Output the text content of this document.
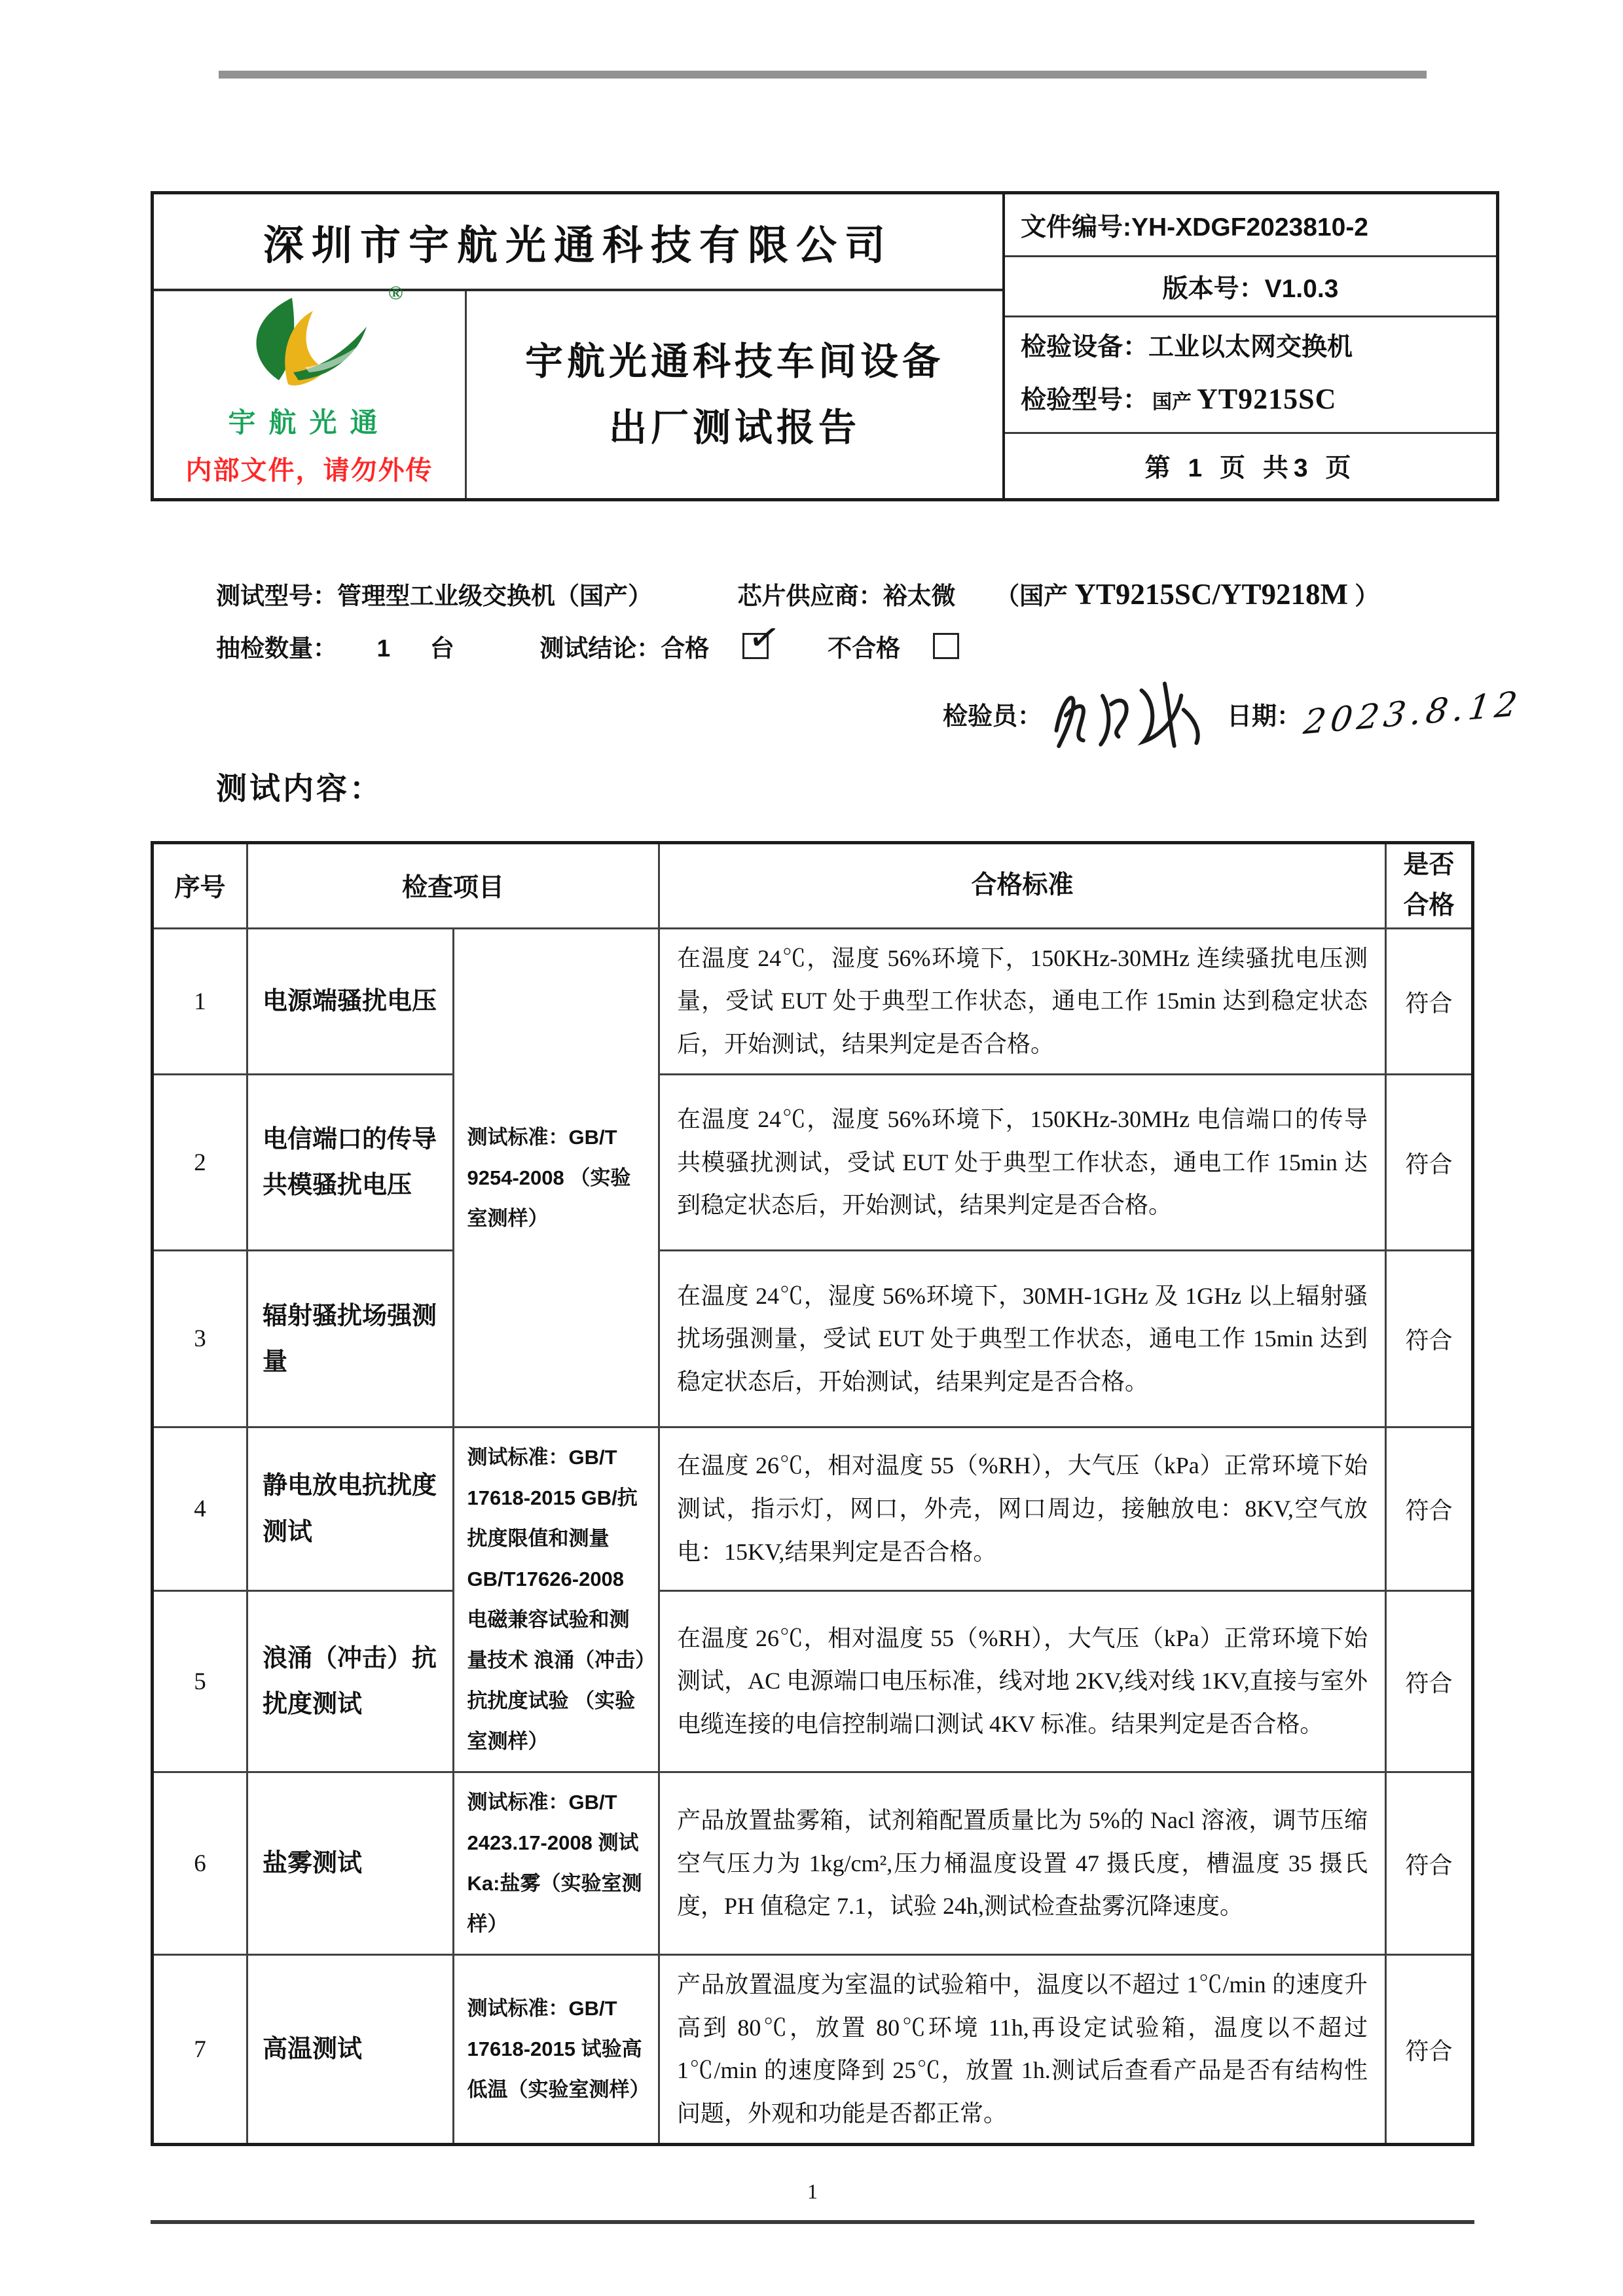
深圳市宇航光通科技有限公司
®
宇航光通
内部文件，请勿外传
宇航光通科技车间设备
出厂测试报告
文件编号:YH-XDGF2023810-2
版本号：V1.0.3
检验设备：工业以太网交换机
检验型号： 国产 YT9215SC
第 1 页 共3 页
测试型号：管理型工业级交换机（国产）	芯片供应商：裕太微 （国产 YT9215SC/YT9218M ）
抽检数量： 1 台	测试结论：合格 ✓ 不合格
检验员：	日期： 2023.8.12
测试内容：
序号	检查项目		合格标准	是否
合格
1	电源端骚扰电压	测试标准：GB/T 9254-2008 （实验室测样）	在温度 24℃，湿度 56%环境下，150KHz-30MHz 连续骚扰电压测量，受试 EUT 处于典型工作状态，通电工作 15min 达到稳定状态后，开始测试，结果判定是否合格。	符合
2	电信端口的传导共模骚扰电压		在温度 24℃，湿度 56%环境下，150KHz-30MHz 电信端口的传导共模骚扰测试，受试 EUT 处于典型工作状态，通电工作 15min 达到稳定状态后，开始测试，结果判定是否合格。	符合
3	辐射骚扰场强测量		在温度 24℃，湿度 56%环境下，30MH-1GHz 及 1GHz 以上辐射骚扰场强测量，受试 EUT 处于典型工作状态，通电工作 15min 达到稳定状态后，开始测试，结果判定是否合格。	符合
4	静电放电抗扰度测试	测试标准：GB/T 17618-2015 GB/抗扰度限值和测量 GB/T17626-2008 电磁兼容试验和测量技术 浪涌（冲击）抗扰度试验 （实验室测样）	在温度 26℃，相对温度 55（%RH），大气压（kPa）正常环境下始测试，指示灯，网口，外壳，网口周边，接触放电：8KV,空气放电：15KV,结果判定是否合格。	符合
5	浪涌（冲击）抗扰度测试		在温度 26℃，相对温度 55（%RH），大气压（kPa）正常环境下始测试，AC 电源端口电压标准，线对地 2KV,线对线 1KV,直接与室外电缆连接的电信控制端口测试 4KV 标准。结果判定是否合格。	符合
6	盐雾测试	测试标准：GB/T 2423.17-2008 测试 Ka:盐雾（实验室测样）	产品放置盐雾箱，试剂箱配置质量比为 5%的 Nacl 溶液，调节压缩空气压力为 1kg/cm²,压力桶温度设置 47 摄氏度，槽温度 35 摄氏度，PH 值稳定 7.1，试验 24h,测试检查盐雾沉降速度。	符合
7	高温测试	测试标准：GB/T 17618-2015 试验高低温（实验室测样）	产品放置温度为室温的试验箱中，温度以不超过 1℃/min 的速度升高到 80℃，放置 80℃环境 11h,再设定试验箱，温度以不超过 1℃/min 的速度降到 25℃，放置 1h.测试后查看产品是否有结构性问题，外观和功能是否都正常。	符合
1
